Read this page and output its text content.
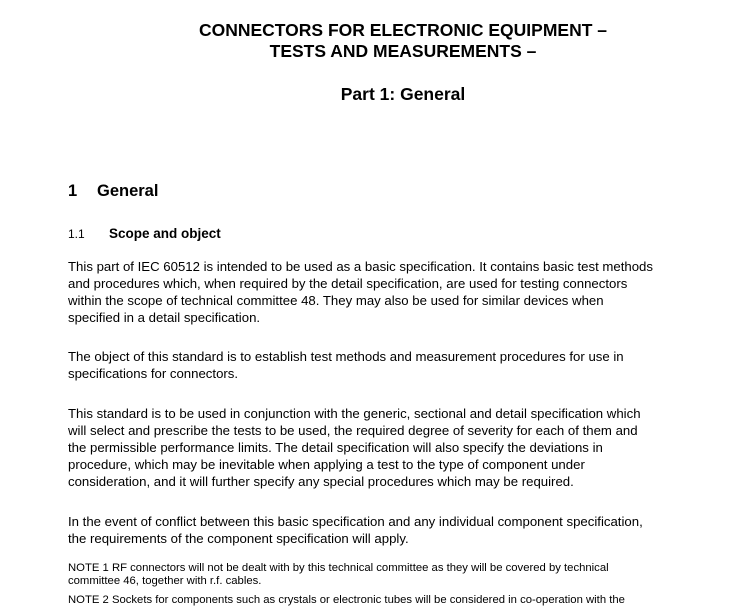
CONNECTORS FOR ELECTRONIC EQUIPMENT –
TESTS AND MEASUREMENTS –
Part 1: General
1 General
1.1 Scope and object

This part of IEC 60512 is intended to be used as a basic specification. It contains basic test methods and procedures which, when required by the detail specification, are used for testing connectors within the scope of technical committee 48. They may also be used for similar devices when specified in a detail specification.

The object of this standard is to establish test methods and measurement procedures for use in specifications for connectors.

This standard is to be used in conjunction with the generic, sectional and detail specification which will select and prescribe the tests to be used, the required degree of severity for each of them and the permissible performance limits. The detail specification will also specify the deviations in procedure, which may be inevitable when applying a test to the type of component under consideration, and it will further specify any special procedures which may be required.

In the event of conflict between this basic specification and any individual component specification, the requirements of the component specification will apply.

NOTE 1 RF connectors will not be dealt with by this technical committee as they will be covered by technical committee 46, together with r.f. cables.

NOTE 2 Sockets for components such as crystals or electronic tubes will be considered in co-operation with the
